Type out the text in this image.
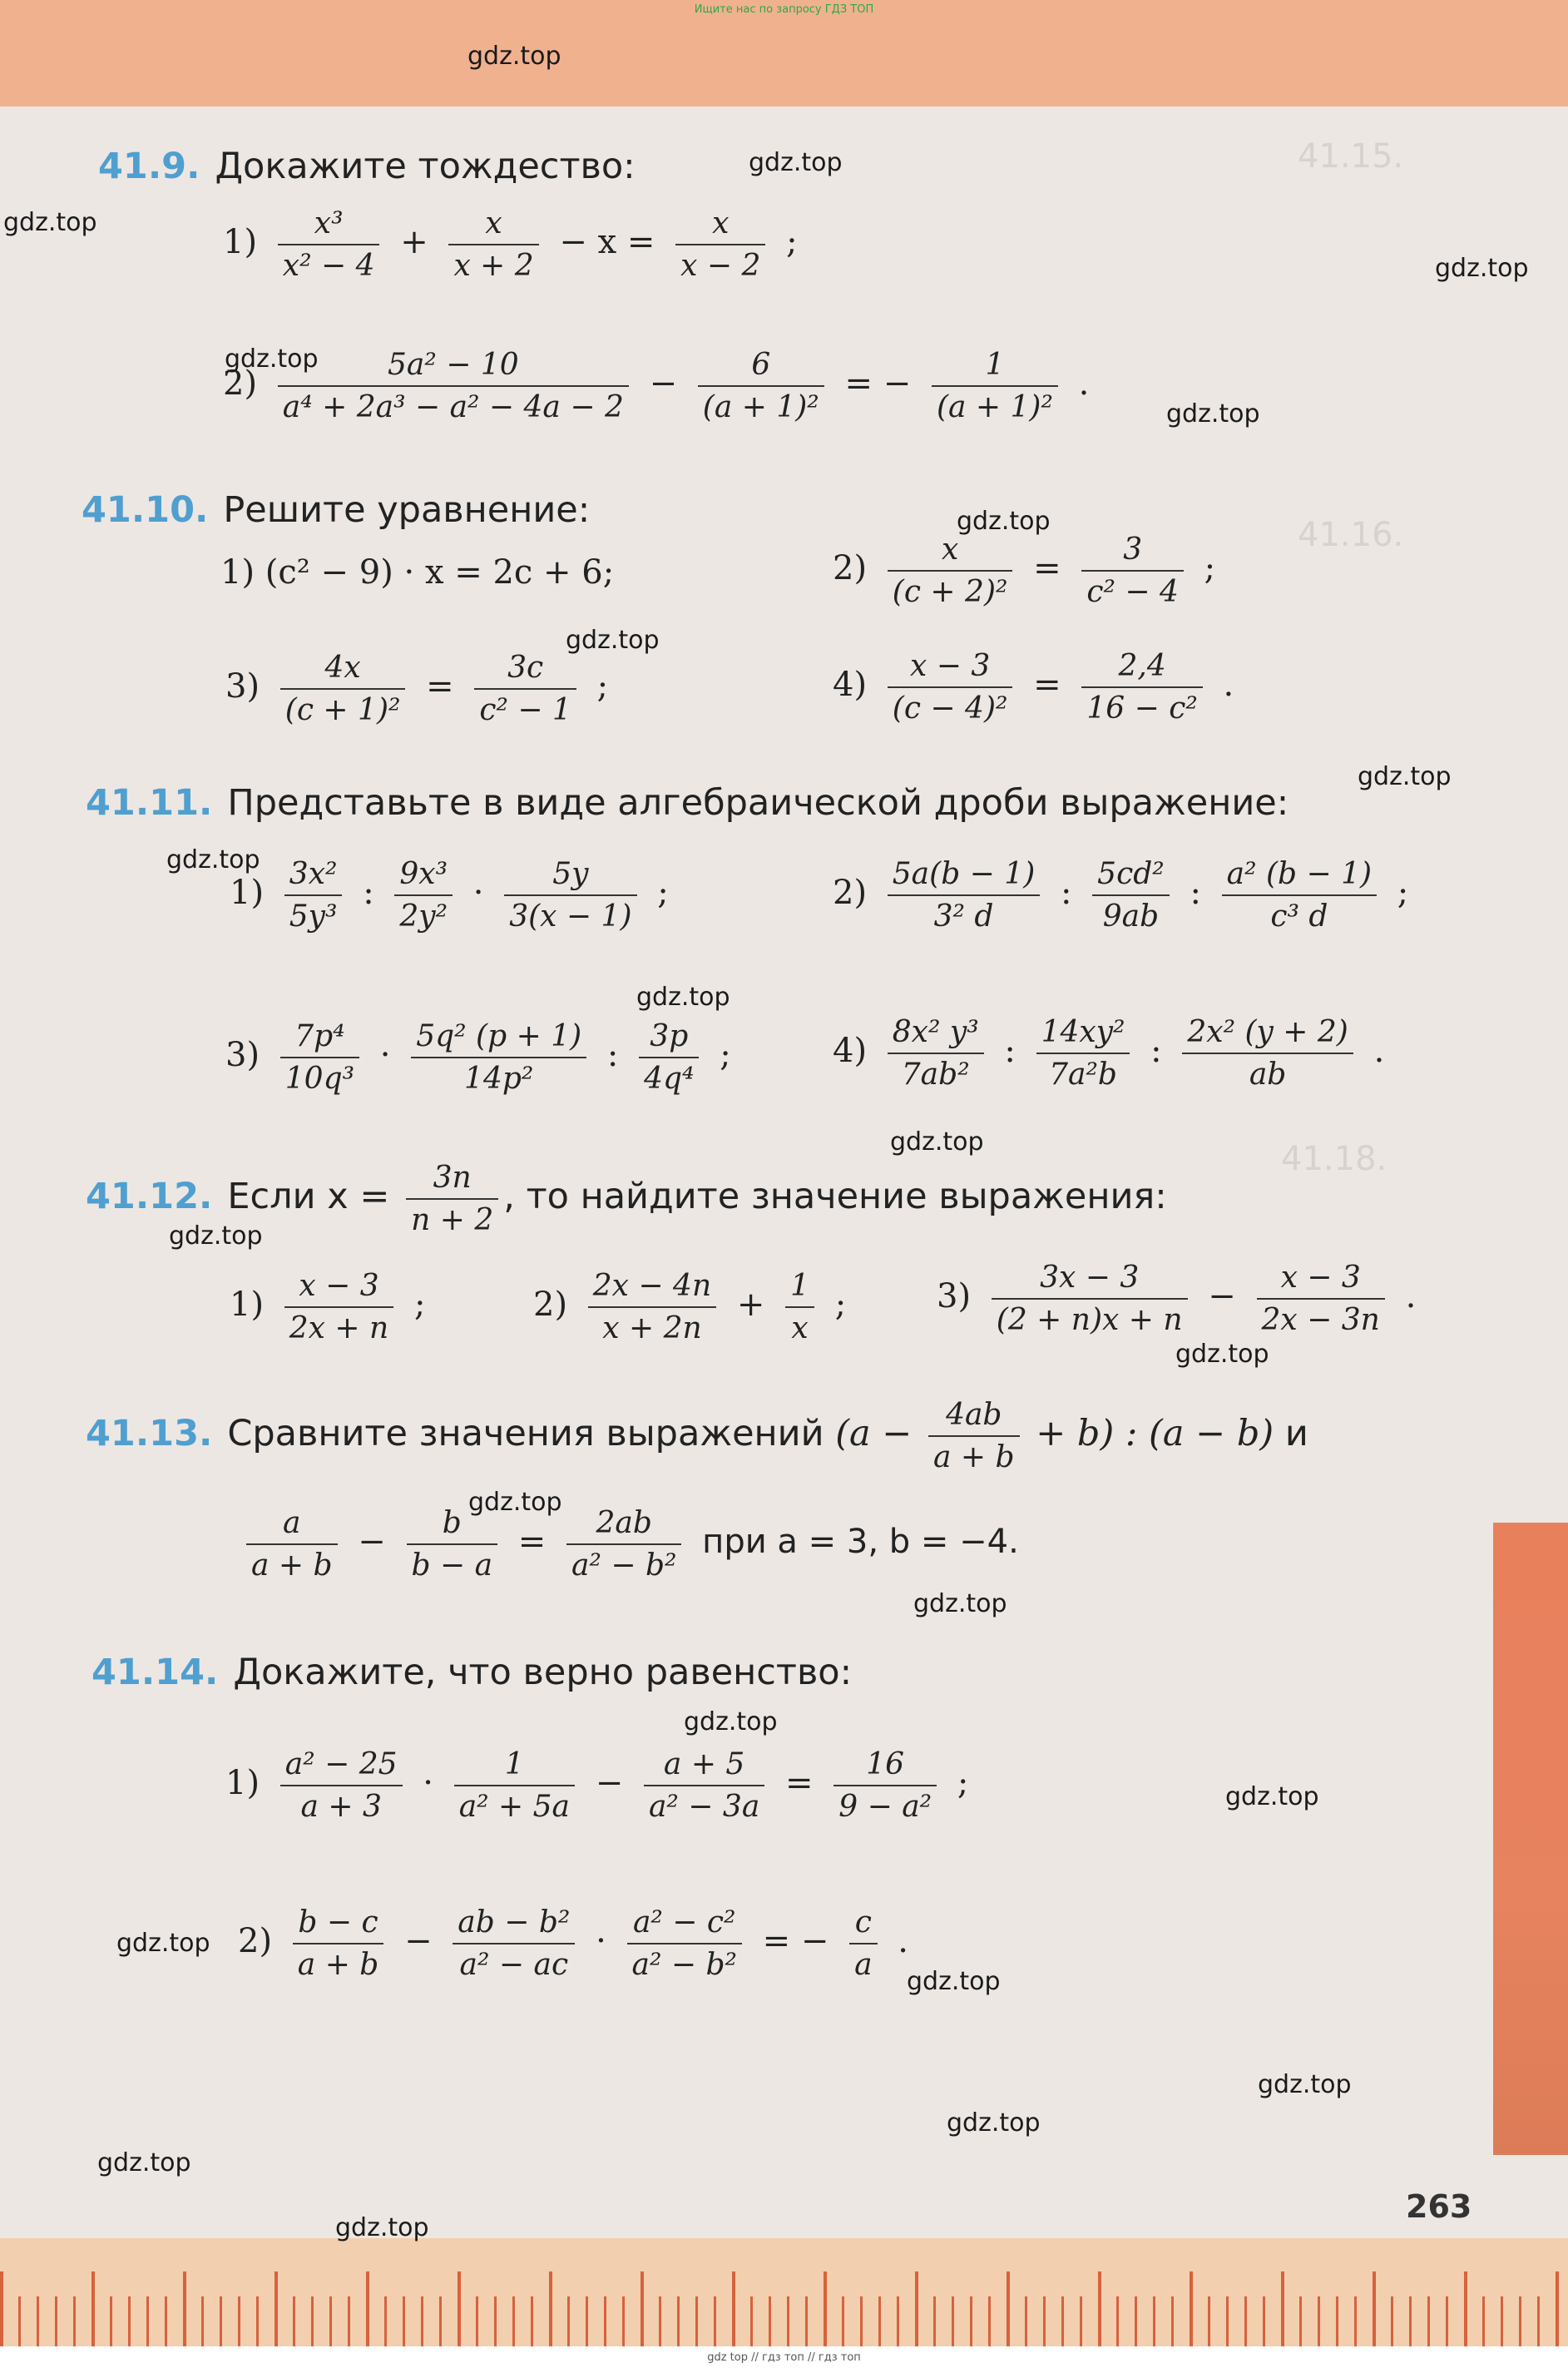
Ищите нас по запросу ГДЗ ТОП
41.15.
41.16.
41.18.
41.9. Докажите тождество:
$1) \frac{\text{x³}}{\text{x² − 4}} + \frac{x}{x + 2} - x = \frac{x}{x - 2}$ ;
$2) \frac{\text{5a² − 10}}{\text{a⁴ + 2a³ − a² − 4a − 2}} - \frac{6}{\text{(a + 1)²}}$ = − $\frac{1}{\text{(a + 1)²}}$ .
41.10. Решите уравнение:
1) (c² − 9) · x = 2c + 6;	$2) \frac{x}{\text{(c + 2)²}} = \frac{3}{\text{c² − 4}}$ ;
$3) \frac{4x}{\text{(c + 1)²}} = \frac{3c}{\text{c² − 1}}$ ;	$4) \frac{x - 3}{\text{(c − 4)²}} = \frac{2,4}{\text{16 − c²}}$ .
41.11. Представьте в виде алгебраической дроби выражение:
$1) \frac{\text{3x²}}{\text{5y³}}$ : $\frac{\text{9x³}}{\text{2y²}} \cdot \frac{5y}{3(x - 1)}$ ;	$2) \frac{5a(b - 1)}{\text{3² d}}$ : $\frac{\text{5cd²}}{9ab}$ : $\frac{\text{a² (b − 1)}}{\text{c³ d}}$ ;
$3) \frac{\text{7p⁴}}{\text{10q³}} \cdot \frac{\text{5q² (p + 1)}}{\text{14p²}}$ : $\frac{3p}{\text{4q⁴}}$ ;	$4) \frac{\text{8x² y³}}{\text{7ab²}}$ : $\frac{\text{14xy²}}{\text{7a²b}}$ : $\frac{\text{2x² (y + 2)}}{ab}$ .
41.12. Если $x = \frac{3n}{n + 2}$ , то найдите значение выражения:
$1) \frac{x - 3}{2x + n}$ ;	$2) \frac{2x - 4n}{x + 2n} + \frac{1}{x}$ ;	$3) \frac{3x - 3}{(2 + n)x + n} - \frac{x - 3}{2x - 3n}$ .
41.13. Сравните значения выражений $(a - \frac{4ab}{a + b} + b)$ : (a − b) и
$\frac{a}{a + b} - \frac{b}{b - a} = \frac{2ab}{\text{a² − b²}}$ при a = 3, b = −4.
41.14. Докажите, что верно равенство:
$1) \frac{\text{a² − 25}}{a + 3} \cdot \frac{1}{\text{a² + 5a}} - \frac{a + 5}{\text{a² − 3a}} = \frac{16}{\text{9 − a²}}$ ;
$2) \frac{b - c}{a + b} - \frac{\text{ab − b²}}{\text{a² − ac}} \cdot \frac{\text{a² − c²}}{\text{a² − b²}}$ = − $\frac{c}{a}$ .
gdz.top
gdz.top
gdz.top
gdz.top
gdz.top
gdz.top
gdz.top
gdz.top
gdz.top
gdz.top
gdz.top
gdz.top
gdz.top
gdz.top
gdz.top
gdz.top
gdz.top
gdz.top
gdz.top
gdz.top
gdz.top
gdz.top
gdz.top
gdz.top
263
gdz top // гдз топ // гдз топ
